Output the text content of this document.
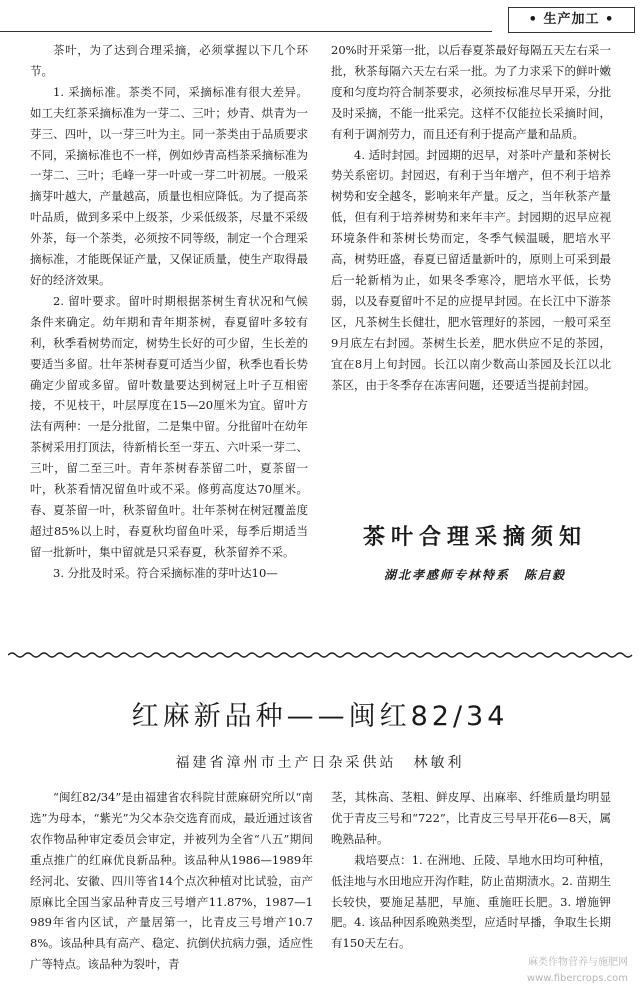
• 生产加工 •

茶叶，为了达到合理采摘，必须掌握以下几个环节。

1. 采摘标准。茶类不同，采摘标准有很大差异。如工夫红茶采摘标准为一芽二、三叶；炒青、烘青为一芽三、四叶，以一芽三叶为主。同一茶类由于品质要求不同，采摘标准也不一样，例如炒青高档茶采摘标准为一芽二、三叶；毛峰一芽一叶或一芽二叶初展。一般采摘芽叶越大，产量越高，质量也相应降低。为了提高茶叶品质，做到多采中上级茶，少采低级茶，尽量不采级外茶，每一个茶类，必须按不同等级，制定一个合理采摘标准，才能既保证产量，又保证质量，使生产取得最好的经济效果。

2. 留叶要求。留叶时期根据茶树生育状况和气候条件来确定。幼年期和青年期茶树，春夏留叶多较有利，秋季看树势而定，树势生长好的可少留，生长差的要适当多留。壮年茶树春夏可适当少留，秋季也看长势确定少留或多留。留叶数量要达到树冠上叶子互相密接，不见枝干，叶层厚度在15—20厘米为宜。留叶方法有两种：一是分批留，二是集中留。分批留叶在幼年茶树采用打顶法，待新梢长至一芽五、六叶采一芽二、三叶，留二至三叶。青年茶树春茶留二叶，夏茶留一叶，秋茶看情况留鱼叶或不采。修剪高度达70厘米。春、夏茶留一叶，秋茶留鱼叶。壮年茶树在树冠覆盖度超过85%以上时，春夏秋均留鱼叶采，每季后期适当留一批新叶，集中留就是只采春夏，秋茶留养不采。

3. 分批及时采。符合采摘标准的芽叶达10—

20%时开采第一批，以后春夏茶最好每隔五天左右采一批，秋茶每隔六天左右采一批。为了力求采下的鲜叶嫩度和匀度均符合制茶要求，必须按标准尽早开采，分批及时采摘，不能一批采完。这样不仅能拉长采摘时间，有利于调剂劳力，而且还有利于提高产量和品质。

4. 适时封园。封园期的迟早，对茶叶产量和茶树长势关系密切。封园迟，有利于当年增产，但不利于培养树势和安全越冬，影响来年产量。反之，当年秋茶产量低，但有利于培养树势和来年丰产。封园期的迟早应视环境条件和茶树长势而定，冬季气候温暖，肥培水平高，树势旺盛，春夏已留适量新叶的，原则上可采到最后一轮新梢为止，如果冬季寒冷，肥培水平低，长势弱，以及春夏留叶不足的应提早封园。在长江中下游茶区，凡茶树生长健壮，肥水管理好的茶园，一般可采至9月底左右封园。茶树生长差，肥水供应不足的茶园，宜在8月上旬封园。长江以南少数高山茶园及长江以北茶区，由于冬季存在冻害问题，还要适当提前封园。

茶叶合理采摘须知
湖北孝感师专林特系　陈启毅
红麻新品种——闽红82/34
福建省漳州市土产日杂采供站　林敏利

“闽红82/34”是由福建省农科院甘蔗麻研究所以“南选”为母本，“紫光”为父本杂交选育而成，最近通过该省农作物品种审定委员会审定，并被列为全省“八五”期间重点推广的红麻优良新品种。该品种从1986—1989年经河北、安徽、四川等省14个点次种植对比试验，亩产原麻比全国当家品种青皮三号增产11.87%，1987—1989年省内区试，产量居第一，比青皮三号增产10.78%。该品种具有高产、稳定、抗倒伏抗病力强，适应性广等特点。该品种为裂叶，青

茎，其株高、茎粗、鲜皮厚、出麻率、纤维质量均明显优于青皮三号和“722”，比青皮三号早开花6—8天，属晚熟品种。

栽培要点：1. 在洲地、丘陵、旱地水田均可种植，低洼地与水田地应开沟作畦，防止苗期渍水。2. 苗期生长较快，要施足基肥，早施、重施旺长肥。3. 增施钾肥。4. 该品种因系晚熟类型，应适时早播，争取生长期有150天左右。

麻类作物营养与施肥网
www.fibercrops.com
